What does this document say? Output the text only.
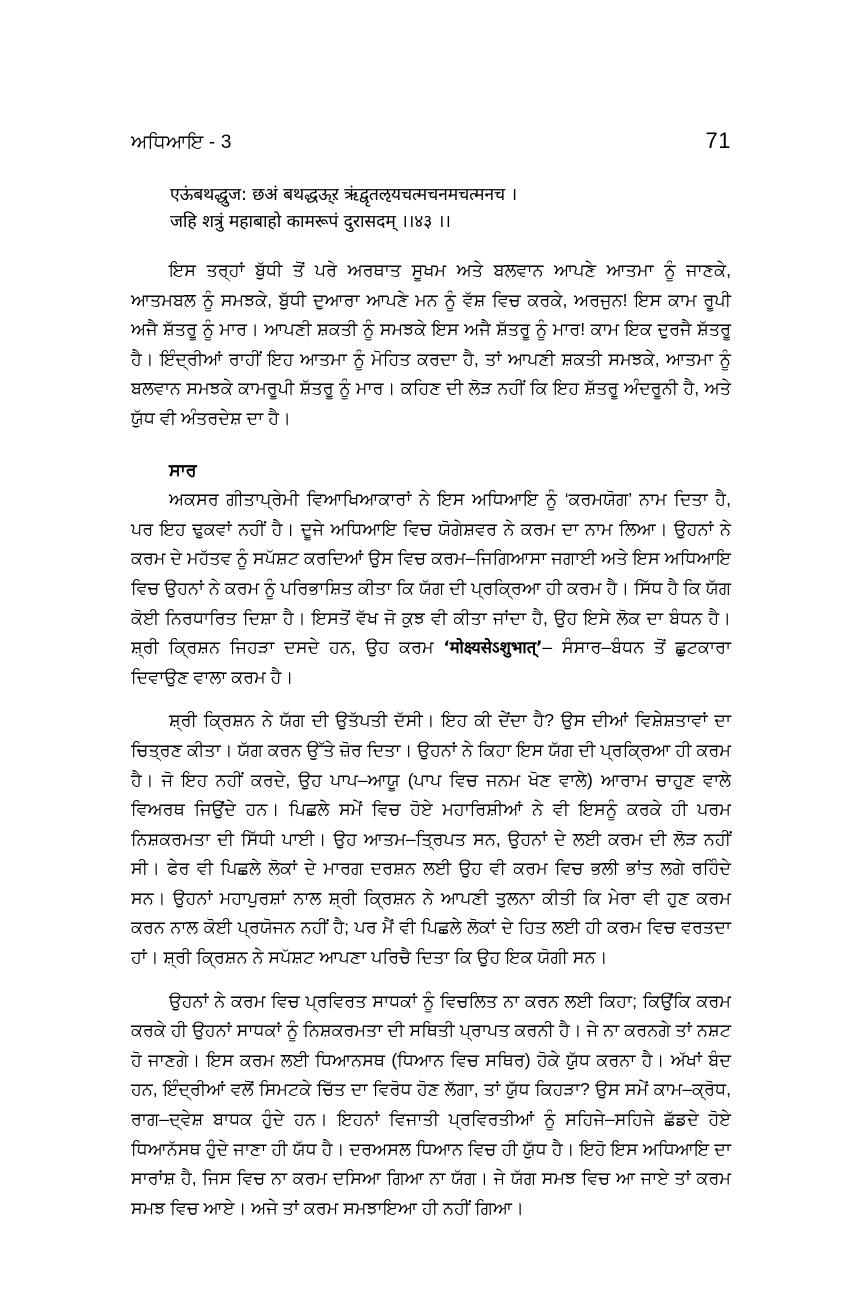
ਅਧਿਆਇ - 3	71
एऊंबथद्धुज: छअं बथद्धऊ्ऱ ऋंद्वृतऌयचत्मचनमचत्मनच ।
जहि शत्रुं महाबाहो कामरूपं दुरासदम् ।।४३ ।।

ਇਸ ਤਰ੍ਹਾਂ ਬੁੱਧੀ ਤੋਂ ਪਰੇ ਅਰਥਾਤ ਸੂਖਮ ਅਤੇ ਬਲਵਾਨ ਆਪਣੇ ਆਤਮਾ ਨੂੰ ਜਾਣਕੇ, ਆਤਮਬਲ ਨੂੰ ਸਮਝਕੇ, ਬੁੱਧੀ ਦੁਆਰਾ ਆਪਣੇ ਮਨ ਨੂੰ ਵੱਸ਼ ਵਿਚ ਕਰਕੇ, ਅਰਜੁਨ! ਇਸ ਕਾਮ ਰੂਪੀ ਅਜੈ ਸ਼ੱਤਰੂ ਨੂੰ ਮਾਰ। ਆਪਣੀ ਸ਼ਕਤੀ ਨੂੰ ਸਮਝਕੇ ਇਸ ਅਜੈ ਸ਼ੱਤਰੂ ਨੂੰ ਮਾਰ! ਕਾਮ ਇਕ ਦੁਰਜੈ ਸ਼ੱਤਰੂ ਹੈ। ਇੰਦ੍ਰੀਆਂ ਰਾਹੀਂ ਇਹ ਆਤਮਾ ਨੂੰ ਮੋਹਿਤ ਕਰਦਾ ਹੈ, ਤਾਂ ਆਪਣੀ ਸ਼ਕਤੀ ਸਮਝਕੇ, ਆਤਮਾ ਨੂੰ ਬਲਵਾਨ ਸਮਝਕੇ ਕਾਮਰੂਪੀ ਸ਼ੱਤਰੂ ਨੂੰ ਮਾਰ। ਕਹਿਣ ਦੀ ਲੋੜ ਨਹੀਂ ਕਿ ਇਹ ਸ਼ੱਤਰੂ ਅੰਦਰੂਨੀ ਹੈ, ਅਤੇ ਯੁੱਧ ਵੀ ਅੰਤਰਦੇਸ਼ ਦਾ ਹੈ।

ਸਾਰ

ਅਕਸਰ ਗੀਤਾਪ੍ਰੇਮੀ ਵਿਆਖਿਆਕਾਰਾਂ ਨੇ ਇਸ ਅਧਿਆਇ ਨੂੰ ‘ਕਰਮਯੋਗ’ ਨਾਮ ਦਿਤਾ ਹੈ, ਪਰ ਇਹ ਢੁਕਵਾਂ ਨਹੀਂ ਹੈ। ਦੂਜੇ ਅਧਿਆਇ ਵਿਚ ਯੋਗੇਸ਼ਵਰ ਨੇ ਕਰਮ ਦਾ ਨਾਮ ਲਿਆ। ਉਹਨਾਂ ਨੇ ਕਰਮ ਦੇ ਮਹੱਤਵ ਨੂੰ ਸਪੱਸ਼ਟ ਕਰਦਿਆਂ ਉਸ ਵਿਚ ਕਰਮ–ਜਿਗਿਆਸਾ ਜਗਾਈ ਅਤੇ ਇਸ ਅਧਿਆਇ ਵਿਚ ਉਹਨਾਂ ਨੇ ਕਰਮ ਨੂੰ ਪਰਿਭਾਸ਼ਿਤ ਕੀਤਾ ਕਿ ਯੱਗ ਦੀ ਪ੍ਰਕ੍ਰਿਆ ਹੀ ਕਰਮ ਹੈ। ਸਿੱਧ ਹੈ ਕਿ ਯੱਗ ਕੋਈ ਨਿਰਧਾਰਿਤ ਦਿਸ਼ਾ ਹੈ। ਇਸਤੋਂ ਵੱਖ ਜੋ ਕੁਝ ਵੀ ਕੀਤਾ ਜਾਂਦਾ ਹੈ, ਉਹ ਇਸੇ ਲੋਕ ਦਾ ਬੰਧਨ ਹੈ। ਸ਼੍ਰੀ ਕ੍ਰਿਸ਼ਨ ਜਿਹੜਾ ਦਸਦੇ ਹਨ, ਉਹ ਕਰਮ ‘मोक्ष्यसेऽशुभात्’– ਸੰਸਾਰ–ਬੰਧਨ ਤੋਂ ਛੁਟਕਾਰਾ ਦਿਵਾਉਣ ਵਾਲਾ ਕਰਮ ਹੈ।

ਸ਼੍ਰੀ ਕ੍ਰਿਸ਼ਨ ਨੇ ਯੱਗ ਦੀ ਉਤੱਪਤੀ ਦੱਸੀ। ਇਹ ਕੀ ਦੇਂਦਾ ਹੈ? ਉਸ ਦੀਆਂ ਵਿਸ਼ੇਸ਼ਤਾਵਾਂ ਦਾ ਚਿਤ੍ਰਣ ਕੀਤਾ। ਯੱਗ ਕਰਨ ਉੱਤੇ ਜ਼ੋਰ ਦਿਤਾ। ਉਹਨਾਂ ਨੇ ਕਿਹਾ ਇਸ ਯੱਗ ਦੀ ਪ੍ਰਕ੍ਰਿਆ ਹੀ ਕਰਮ ਹੈ। ਜੋ ਇਹ ਨਹੀਂ ਕਰਦੇ, ਉਹ ਪਾਪ–ਆਯੂ (ਪਾਪ ਵਿਚ ਜਨਮ ਖੋਣ ਵਾਲੇ) ਆਰਾਮ ਚਾਹੁਣ ਵਾਲੇ ਵਿਅਰਥ ਜਿਉਂਦੇ ਹਨ। ਪਿਛਲੇ ਸਮੇਂ ਵਿਚ ਹੋਏ ਮਹਾਰਿਸ਼ੀਆਂ ਨੇ ਵੀ ਇਸਨੂੰ ਕਰਕੇ ਹੀ ਪਰਮ ਨਿਸ਼ਕਰਮਤਾ ਦੀ ਸਿੱਧੀ ਪਾਈ। ਉਹ ਆਤਮ–ਤ੍ਰਿਪਤ ਸਨ, ਉਹਨਾਂ ਦੇ ਲਈ ਕਰਮ ਦੀ ਲੋੜ ਨਹੀਂ ਸੀ। ਫੇਰ ਵੀ ਪਿਛਲੇ ਲੋਕਾਂ ਦੇ ਮਾਰਗ ਦਰਸ਼ਨ ਲਈ ਉਹ ਵੀ ਕਰਮ ਵਿਚ ਭਲੀ ਭਾਂਤ ਲਗੇ ਰਹਿੰਦੇ ਸਨ। ਉਹਨਾਂ ਮਹਾਪੁਰਸ਼ਾਂ ਨਾਲ ਸ਼੍ਰੀ ਕ੍ਰਿਸ਼ਨ ਨੇ ਆਪਣੀ ਤੁਲਨਾ ਕੀਤੀ ਕਿ ਮੇਰਾ ਵੀ ਹੁਣ ਕਰਮ ਕਰਨ ਨਾਲ ਕੋਈ ਪ੍ਰਯੋਜਨ ਨਹੀਂ ਹੈ; ਪਰ ਮੈਂ ਵੀ ਪਿਛਲੇ ਲੋਕਾਂ ਦੇ ਹਿਤ ਲਈ ਹੀ ਕਰਮ ਵਿਚ ਵਰਤਦਾ ਹਾਂ। ਸ਼੍ਰੀ ਕ੍ਰਿਸ਼ਨ ਨੇ ਸਪੱਸ਼ਟ ਆਪਣਾ ਪਰਿਚੈ ਦਿਤਾ ਕਿ ਉਹ ਇਕ ਯੋਗੀ ਸਨ।

ਉਹਨਾਂ ਨੇ ਕਰਮ ਵਿਚ ਪ੍ਰਵਿਰਤ ਸਾਧਕਾਂ ਨੂੰ ਵਿਚਲਿਤ ਨਾ ਕਰਨ ਲਈ ਕਿਹਾ; ਕਿਉਂਕਿ ਕਰਮ ਕਰਕੇ ਹੀ ਉਹਨਾਂ ਸਾਧਕਾਂ ਨੂੰ ਨਿਸ਼ਕਰਮਤਾ ਦੀ ਸਥਿਤੀ ਪ੍ਰਾਪਤ ਕਰਨੀ ਹੈ। ਜੇ ਨਾ ਕਰਨਗੇ ਤਾਂ ਨਸ਼ਟ ਹੋ ਜਾਣਗੇ। ਇਸ ਕਰਮ ਲਈ ਧਿਆਨਸਥ (ਧਿਆਨ ਵਿਚ ਸਥਿਰ) ਹੋਕੇ ਯੁੱਧ ਕਰਨਾ ਹੈ। ਅੱਖਾਂ ਬੰਦ ਹਨ, ਇੰਦ੍ਰੀਆਂ ਵਲੋਂ ਸਿਮਟਕੇ ਚਿੱਤ ਦਾ ਵਿਰੋਧ ਹੋਣ ਲੱਗਾ, ਤਾਂ ਯੁੱਧ ਕਿਹੜਾ? ਉਸ ਸਮੇਂ ਕਾਮ–ਕ੍ਰੋਧ, ਰਾਗ–ਦ੍ਵੇਸ਼ ਬਾਧਕ ਹੁੰਦੇ ਹਨ। ਇਹਨਾਂ ਵਿਜਾਤੀ ਪ੍ਰਵਿਰਤੀਆਂ ਨੂੰ ਸਹਿਜੇ–ਸਹਿਜੇ ਛੱਡਦੇ ਹੋਏ ਧਿਆਨੱਸਥ ਹੁੰਦੇ ਜਾਣਾ ਹੀ ਯੱਧ ਹੈ। ਦਰਅਸਲ ਧਿਆਨ ਵਿਚ ਹੀ ਯੁੱਧ ਹੈ। ਇਹੋ ਇਸ ਅਧਿਆਇ ਦਾ ਸਾਰਾਂਸ਼ ਹੈ, ਜਿਸ ਵਿਚ ਨਾ ਕਰਮ ਦਸਿਆ ਗਿਆ ਨਾ ਯੱਗ। ਜੇ ਯੱਗ ਸਮਝ ਵਿਚ ਆ ਜਾਏ ਤਾਂ ਕਰਮ ਸਮਝ ਵਿਚ ਆਏ। ਅਜੇ ਤਾਂ ਕਰਮ ਸਮਝਾਇਆ ਹੀ ਨਹੀਂ ਗਿਆ।
